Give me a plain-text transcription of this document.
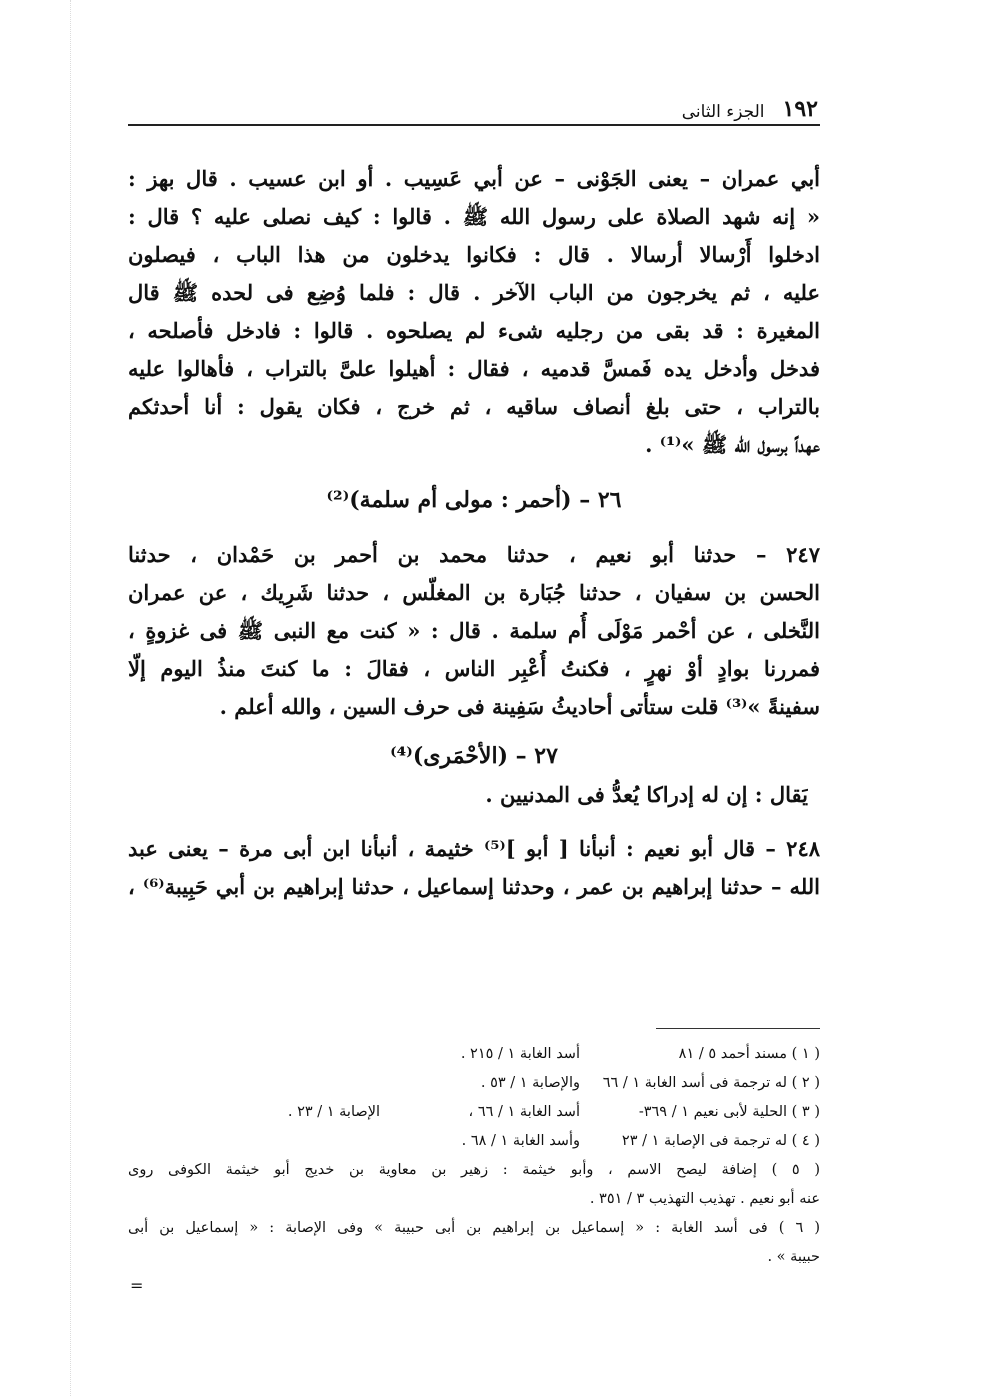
١٩٢
الجزء الثانى
أبي عمران – يعنى الجَوْنى – عن أبي عَسِيب . أو ابن عسيب . قال بهز :
« إنه شهد الصلاة على رسول الله ﷺ . قالوا : كيف نصلى عليه ؟ قال :
ادخلوا أَرْسالا أرسالا . قال : فكانوا يدخلون من هذا الباب ، فيصلون
عليه ، ثم يخرجون من الباب الآخر . قال : فلما وُضِع فى لحده ﷺ قال
المغيرة : قد بقى من رجليه شىء لم يصلحوه . قالوا : فادخل فأصلحه ،
فدخل وأدخل يده فَمسَّ قدميه ، فقال : أهيلوا علىَّ بالتراب ، فأهالوا عليه
بالتراب ، حتى بلغ أنصاف ساقيه ، ثم خرج ، فكان يقول : أنا أحدثكم
عهداً برسول الله ﷺ »⁽¹⁾ .
٢٦ – (أحمر : مولى أم سلمة)⁽²⁾
٢٤٧ – حدثنا أبو نعيم ، حدثنا محمد بن أحمر بن حَمْدان ، حدثنا
الحسن بن سفيان ، حدثنا جُبَارة بن المغلّس ، حدثنا شَرِيك ، عن عمران
النَّخلى ، عن أحْمر مَوْلَى أُم سلمة . قال : « كنت مع النبى ﷺ فى غزوةٍ ،
فمررنا بوادٍ أوْ نهرٍ ، فكنتُ أُعْبِر الناس ، فقالَ : ما كنتَ منذُ اليوم إلّا
سفينةً »⁽³⁾ قلت ستأتى أحاديثُ سَفِينة فى حرف السين ، والله أعلم .
٢٧ – (الأحْمَرى)⁽⁴⁾
يَقال : إن له إدراكا يُعدُّ فى المدنيين .
٢٤٨ – قال أبو نعيم : أنبأنا [ أبو ]⁽⁵⁾ خثيمة ، أنبأنا ابن أبى مرة – يعنى عبد
الله – حدثنا إبراهيم بن عمر ، وحدثنا إسماعيل ، حدثنا إبراهيم بن أبي حَبِيبة⁽⁶⁾ ،
( ١ ) مسند أحمد ٥ / ٨١أسد الغابة ١ / ٢١٥ .
( ٢ ) له ترجمة فى أسد الغابة ١ / ٦٦والإصابة ١ / ٥٣ .
( ٣ ) الحلية لأبى نعيم ١ / ٣٦٩-أسد الغابة ١ / ٦٦ ،الإصابة ١ / ٢٣ .
( ٤ ) له ترجمة فى الإصابة ١ / ٢٣وأسد الغابة ١ / ٦٨ .
( ٥ ) إضافة ليصح الاسم ، وأبو خيثمة : زهير بن معاوية بن خديج أبو خيثمة الكوفى روى
عنه أبو نعيم . تهذيب التهذيب ٣ / ٣٥١ .
( ٦ ) فى أسد الغابة : « إسماعيل بن إبراهيم بن أبى حبيبة » وفى الإصابة : « إسماعيل بن أبى
حبيبة » .
=
